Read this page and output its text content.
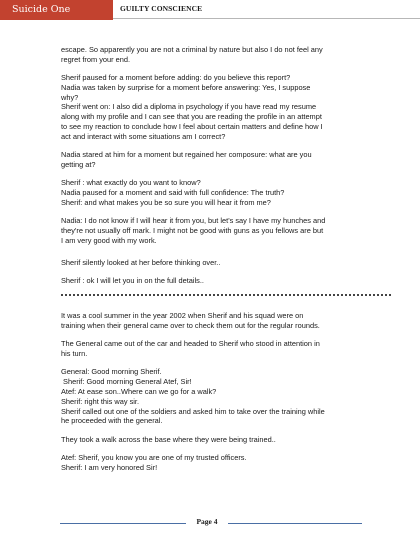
Suicide One	GUILTY CONSCIENCE

escape. So apparently you are not a criminal by nature but also I do not feel any
regret from your end.

Sherif paused for a moment before adding: do you believe this report?
Nadia was taken by surprise for a moment before answering: Yes, I suppose
why?
Sherif went on: I also did a diploma in psychology if you have read my resume
along with my profile and I can see that you are reading the profile in an attempt
to see my reaction to conclude how I feel about certain matters and define how I
act and interact with some situations am I correct?

Nadia stared at him for a moment but regained her composure: what are you
getting at?

Sherif : what exactly do you want to know?
Nadia paused for a moment and said with full confidence: The truth?
Sherif: and what makes you be so sure you will hear it from me?

Nadia: I do not know if I will hear it from you, but let's say I have my hunches and
they're not usually off mark. I might not be good with guns as you fellows are but
I am very good with my work.

Sherif silently looked at her before thinking over..

Sherif : ok I will let you in on the full details..

It was a cool summer in the year 2002 when Sherif and his squad were on
training when their general came over to check them out for the regular rounds.

The General came out of the car and headed to Sherif who stood in attention in
his turn.

General: Good morning Sherif.
Sherif: Good morning General Atef, Sir!
Atef: At ease son..Where can we go for a walk?
Sherif: right this way sir.
Sherif called out one of the soldiers and asked him to take over the training while
he proceeded with the general.

They took a walk across the base where they were being trained..

Atef: Sherif, you know you are one of my trusted officers.
Sherif: I am very honored Sir!

Page 4
